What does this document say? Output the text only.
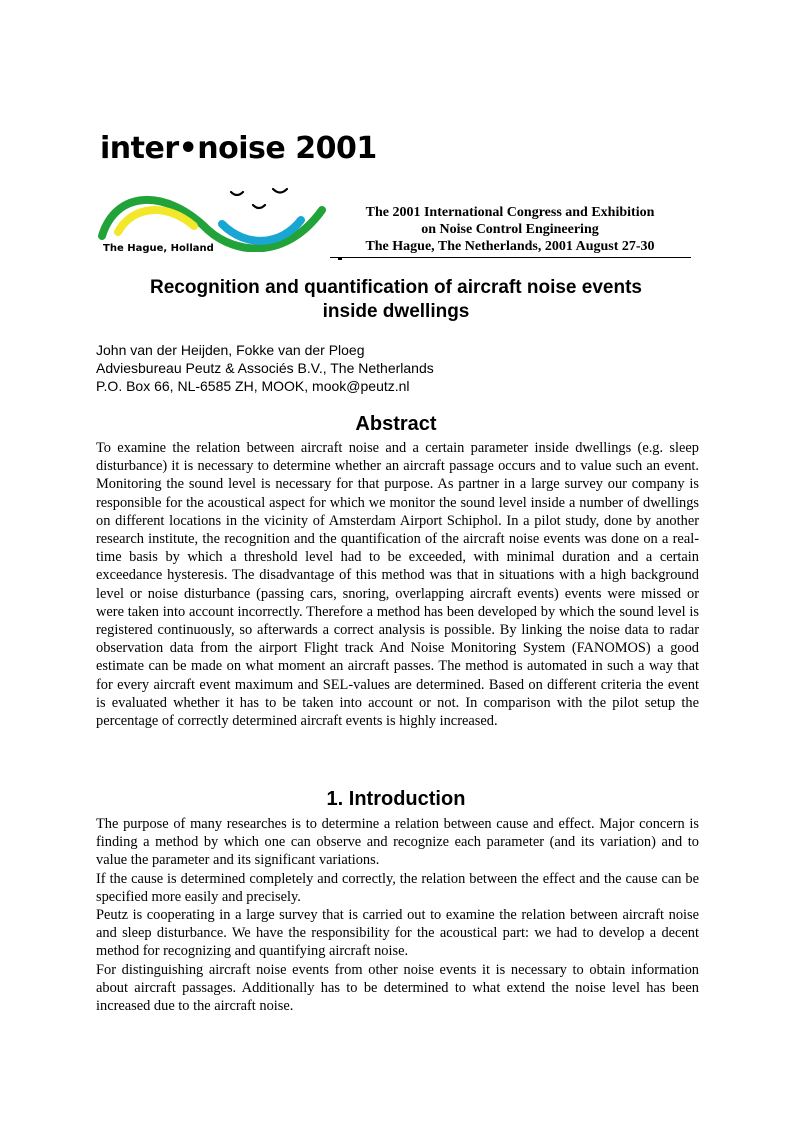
inter•noise 2001
The Hague, Holland
The 2001 International Congress and Exhibition
on Noise Control Engineering
The Hague, The Netherlands, 2001 August 27-30
Recognition and quantification of aircraft noise events
inside dwellings
John van der Heijden, Fokke van der Ploeg
Adviesbureau Peutz & Associés B.V., The Netherlands
P.O. Box 66, NL-6585 ZH, MOOK, mook@peutz.nl
Abstract

To examine the relation between aircraft noise and a certain parameter inside dwellings (e.g. sleep disturbance) it is necessary to determine whether an aircraft passage occurs and to value such an event. Monitoring the sound level is necessary for that purpose. As partner in a large survey our company is responsible for the acoustical aspect for which we monitor the sound level inside a number of dwellings on different locations in the vicinity of Amsterdam Airport Schiphol. In a pilot study, done by another research institute, the recognition and the quantification of the aircraft noise events was done on a real-time basis by which a threshold level had to be exceeded, with minimal duration and a certain exceedance hysteresis. The disadvantage of this method was that in situations with a high background level or noise disturbance (passing cars, snoring, overlapping aircraft events) events were missed or were taken into account incorrectly. Therefore a method has been developed by which the sound level is registered continuously, so afterwards a correct analysis is possible. By linking the noise data to radar observation data from the airport Flight track And Noise Monitoring System (FANOMOS) a good estimate can be made on what moment an aircraft passes. The method is automated in such a way that for every aircraft event maximum and SEL-values are determined. Based on different criteria the event is evaluated whether it has to be taken into account or not. In comparison with the pilot setup the percentage of correctly determined aircraft events is highly increased.

1. Introduction

The purpose of many researches is to determine a relation between cause and effect. Major concern is finding a method by which one can observe and recognize each parameter (and its variation) and to value the parameter and its significant variations.

If the cause is determined completely and correctly, the relation between the effect and the cause can be specified more easily and precisely.

Peutz is cooperating in a large survey that is carried out to examine the relation between aircraft noise and sleep disturbance. We have the responsibility for the acoustical part: we had to develop a decent method for recognizing and quantifying aircraft noise.

For distinguishing aircraft noise events from other noise events it is necessary to obtain information about aircraft passages. Additionally has to be determined to what extend the noise level has been increased due to the aircraft noise.
